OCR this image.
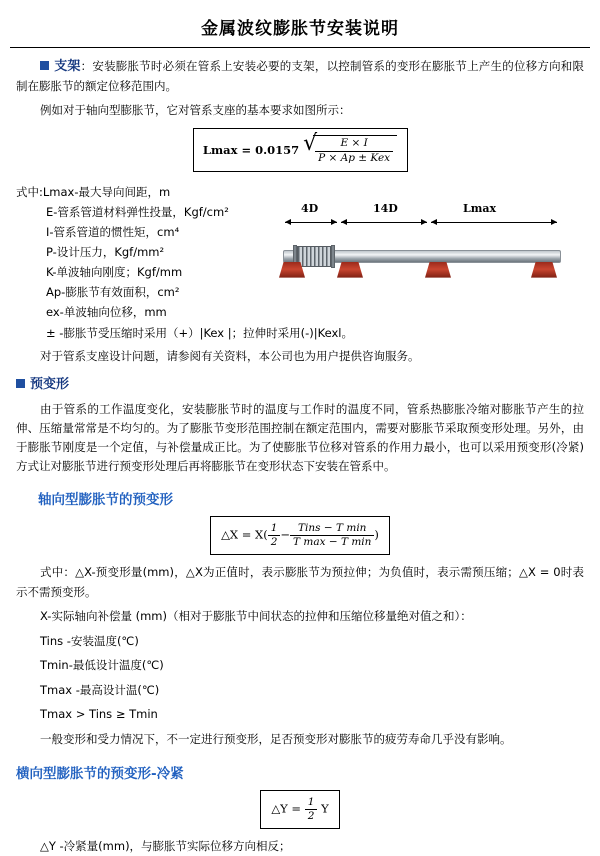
金属波纹膨胀节安装说明

支架：安装膨胀节时必须在管系上安装必要的支架，以控制管系的变形在膨胀节上产生的位移方向和限制在膨胀节的额定位移范围内。

例如对于轴向型膨胀节，它对管系支座的基本要求如图所示：

Lmax = 0.0157 √ $\frac{E \times I}{\text{P × Ap ± Kex}}$
式中:Lmax-最大导向间距，m
E-管系管道材料弹性投量，Kgf/cm²
I-管系管道的惯性矩，cm⁴
P-设计压力，Kgf/mm²
K-单波轴向刚度；Kgf/mm
Ap-膨胀节有效面积，cm²
ex-单波轴向位移，mm
± -膨胀节受压缩时采用（+）|Kex |；拉伸时采用(-)|Kexl。
4D	14D	Lmax

对于管系支座设计问题，请参阅有关资料，本公司也为用户提供咨询服务。

预变形

由于管系的工作温度变化，安装膨胀节时的温度与工作时的温度不同，管系热膨胀冷缩对膨胀节产生的拉伸、压缩量常常是不均匀的。为了膨胀节变形范围控制在额定范围内，需要对膨胀节采取预变形处理。另外，由于膨胀节刚度是一个定值，与补偿量成正比。为了使膨胀节位移对管系的作用力最小，也可以采用预变形(冷紧)方式让对膨胀节进行预变形处理后再将膨胀节在变形状态下安装在管系中。

轴向型膨胀节的预变形
△X = $X( \frac{1}{2} - \frac{\text{Tins − T min}}{\text{T max − T min}}$ )

式中：△X-预变形量(mm)，△X为正值时，表示膨胀节为预拉伸；为负值时，表示需预压缩；△X = 0时表示不需预变形。

X-实际轴向补偿量 (mm)（相对于膨胀节中间状态的拉伸和压缩位移量绝对值之和）：

Tins -安装温度(℃)

Tmin-最低设计温度(℃)

Tmax -最高设计温(℃)

Tmax > Tins ≥ Tmin

一般变形和受力情况下，不一定进行预变形，足否预变形对膨胀节的疲劳寿命几乎没有影响。

横向型膨胀节的预变形-冷紧
△Y = $\frac{1}{2}$ Y

△Y -冷紧量(mm)，与膨胀节实际位移方向相反；
